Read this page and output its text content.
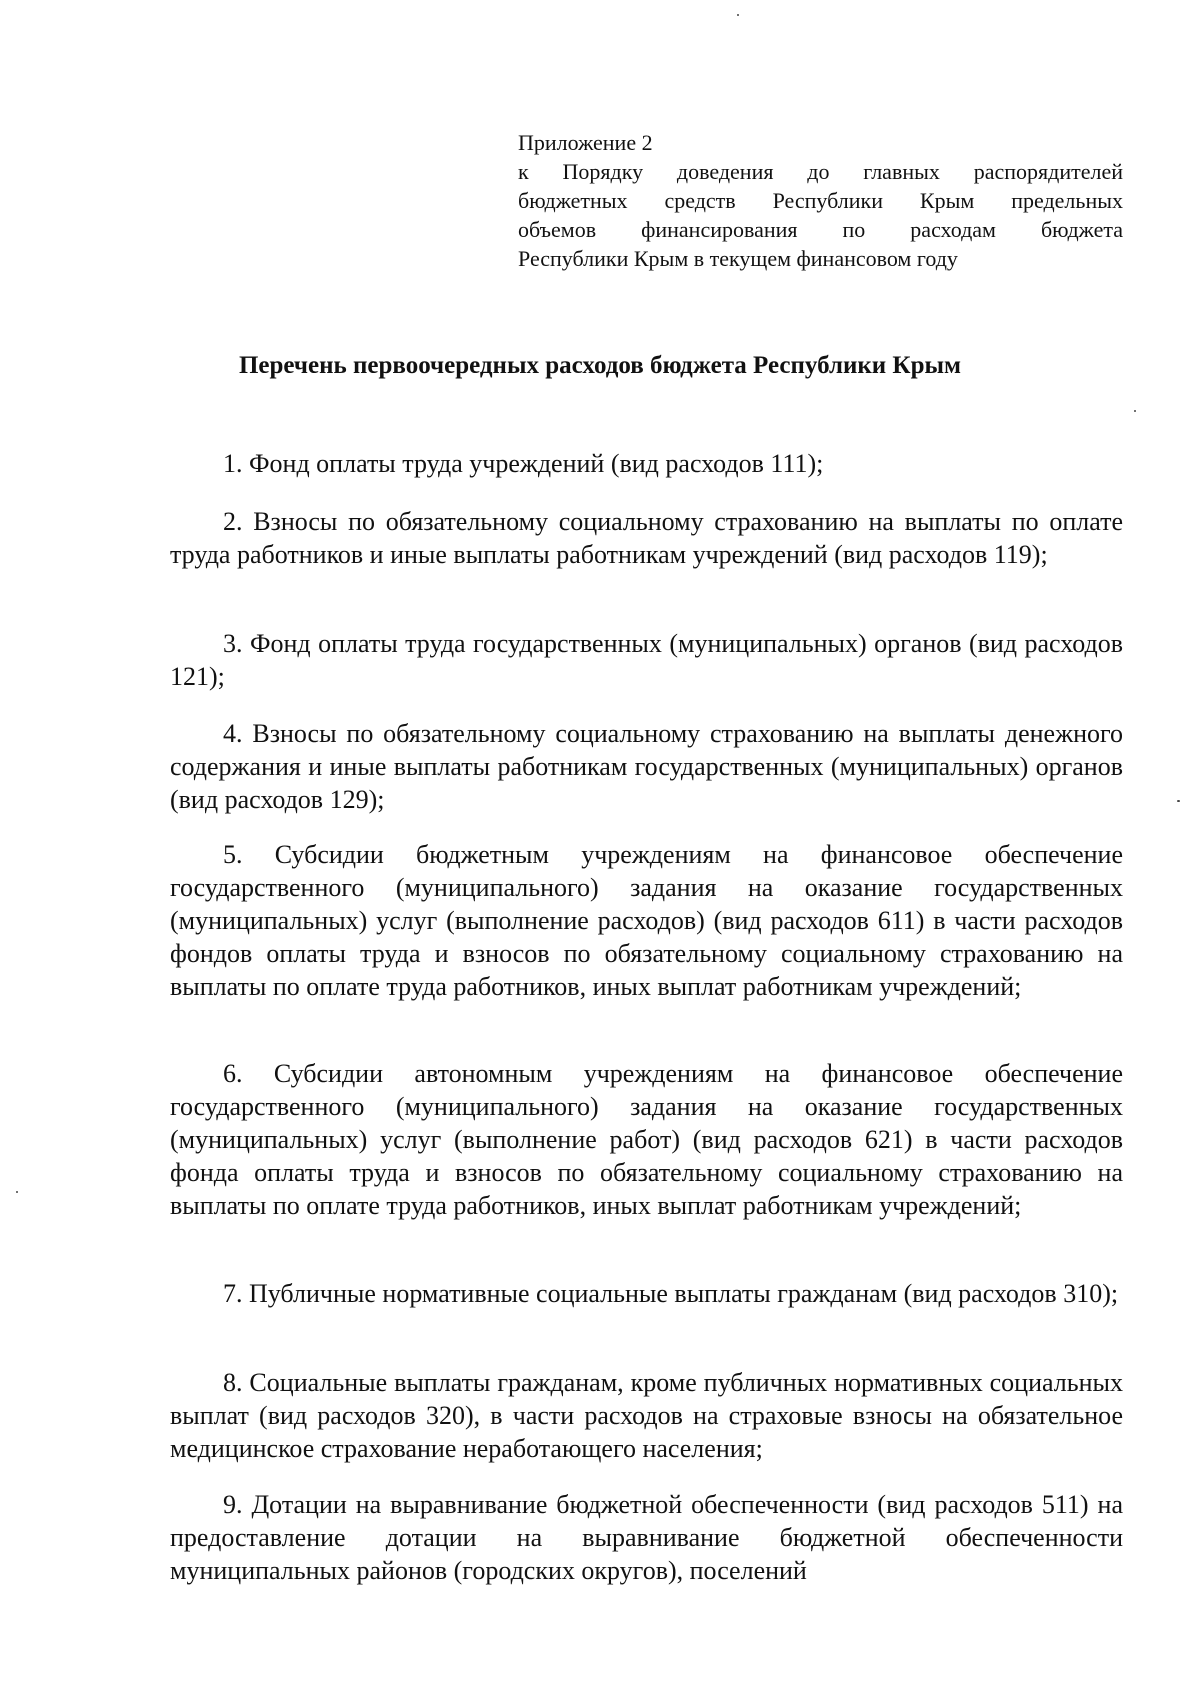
Приложение 2
к Порядку доведения до главных распорядителей
бюджетных средств Республики Крым предельных
объемов финансирования по расходам бюджета
Республики Крым в текущем финансовом году
Перечень первоочередных расходов бюджета Республики Крым
1. Фонд оплаты труда учреждений (вид расходов 111);
2. Взносы по обязательному социальному страхованию на выплаты по оплате труда работников и иные выплаты работникам учреждений (вид расходов 119);
3. Фонд оплаты труда государственных (муниципальных) органов (вид расходов 121);
4. Взносы по обязательному социальному страхованию на выплаты денежного содержания и иные выплаты работникам государственных (муниципальных) органов (вид расходов 129);
5. Субсидии бюджетным учреждениям на финансовое обеспечение государственного (муниципального) задания на оказание государственных (муниципальных) услуг (выполнение расходов) (вид расходов 611) в части расходов фондов оплаты труда и взносов по обязательному социальному страхованию на выплаты по оплате труда работников, иных выплат работникам учреждений;
6. Субсидии автономным учреждениям на финансовое обеспечение государственного (муниципального) задания на оказание государственных (муниципальных) услуг (выполнение работ) (вид расходов 621) в части расходов фонда оплаты труда и взносов по обязательному социальному страхованию на выплаты по оплате труда работников, иных выплат работникам учреждений;
7. Публичные нормативные социальные выплаты гражданам (вид расходов 310);
8. Социальные выплаты гражданам, кроме публичных нормативных социальных выплат (вид расходов 320), в части расходов на страховые взносы на обязательное медицинское страхование неработающего населения;
9. Дотации на выравнивание бюджетной обеспеченности (вид расходов 511) на предоставление дотации на выравнивание бюджетной обеспеченности муниципальных районов (городских округов), поселений
